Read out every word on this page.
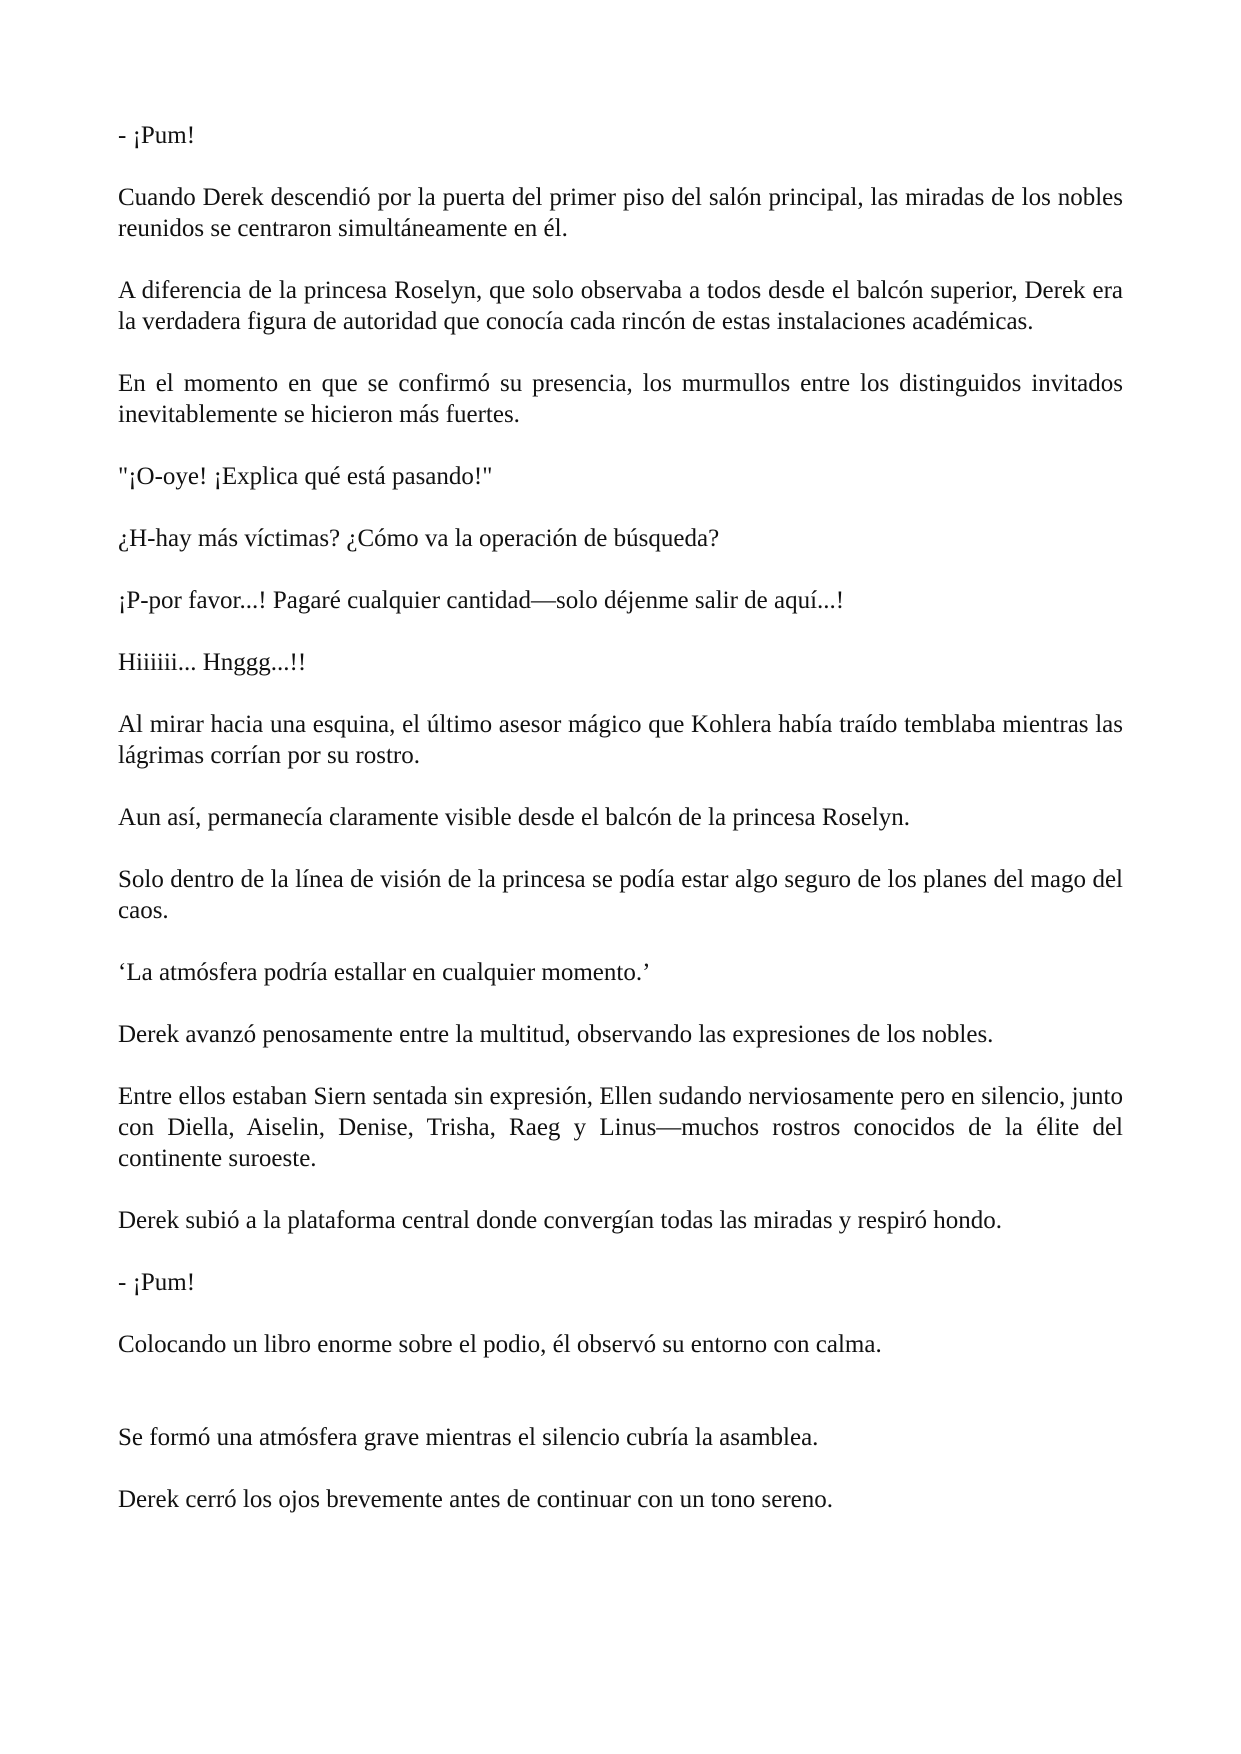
- ¡Pum!

Cuando Derek descendió por la puerta del primer piso del salón principal, las miradas de los nobles reunidos se centraron simultáneamente en él.

A diferencia de la princesa Roselyn, que solo observaba a todos desde el balcón superior, Derek era la verdadera figura de autoridad que conocía cada rincón de estas instalaciones académicas.

En el momento en que se confirmó su presencia, los murmullos entre los distinguidos invitados inevitablemente se hicieron más fuertes.

"¡O-oye! ¡Explica qué está pasando!"

¿H-hay más víctimas? ¿Cómo va la operación de búsqueda?

¡P-por favor...! Pagaré cualquier cantidad—solo déjenme salir de aquí...!

Hiiiiii... Hnggg...!!

Al mirar hacia una esquina, el último asesor mágico que Kohlera había traído temblaba mientras las lágrimas corrían por su rostro.

Aun así, permanecía claramente visible desde el balcón de la princesa Roselyn.

Solo dentro de la línea de visión de la princesa se podía estar algo seguro de los planes del mago del caos.

‘La atmósfera podría estallar en cualquier momento.’

Derek avanzó penosamente entre la multitud, observando las expresiones de los nobles.

Entre ellos estaban Siern sentada sin expresión, Ellen sudando nerviosamente pero en silencio, junto con Diella, Aiselin, Denise, Trisha, Raeg y Linus—muchos rostros conocidos de la élite del continente suroeste.

Derek subió a la plataforma central donde convergían todas las miradas y respiró hondo.

- ¡Pum!

Colocando un libro enorme sobre el podio, él observó su entorno con calma.

Se formó una atmósfera grave mientras el silencio cubría la asamblea.

Derek cerró los ojos brevemente antes de continuar con un tono sereno.
